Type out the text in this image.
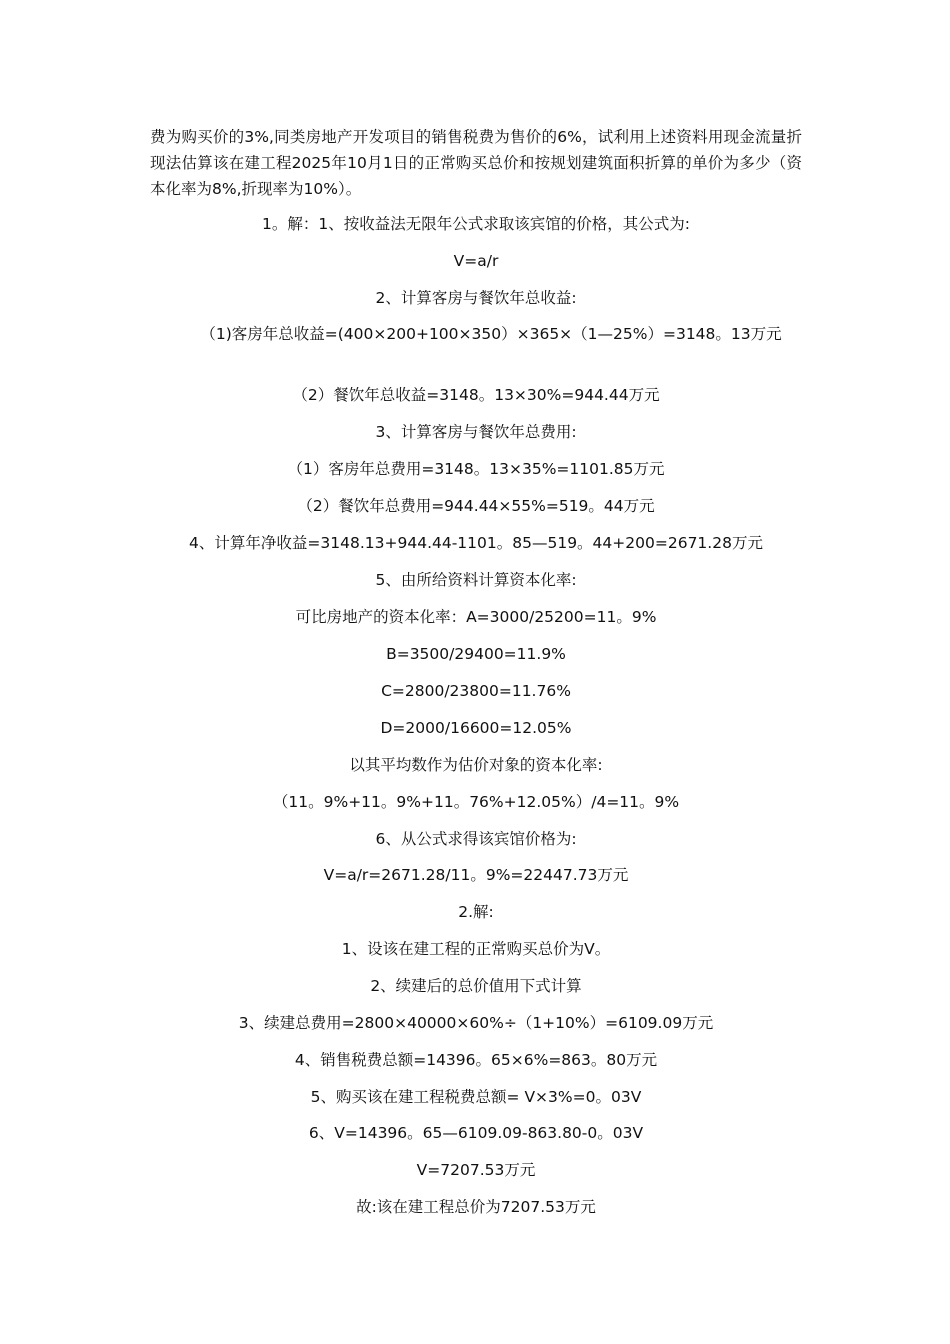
费为购买价的3%,同类房地产开发项目的销售税费为售价的6%，试利用上述资料用现金流量折现法估算该在建工程2025年10月1日的正常购买总价和按规划建筑面积折算的单价为多少（资本化率为8%,折现率为10%）。

1。解：1、按收益法无限年公式求取该宾馆的价格，其公式为:
V=a/r
2、计算客房与餐饮年总收益:
（1)客房年总收益=(400×200+100×350）×365×（1—25%）=3148。13万元
（2）餐饮年总收益=3148。13×30%=944.44万元
3、计算客房与餐饮年总费用:
（1）客房年总费用=3148。13×35%=1101.85万元
（2）餐饮年总费用=944.44×55%=519。44万元
4、计算年净收益=3148.13+944.44-1101。85—519。44+200=2671.28万元
5、由所给资料计算资本化率:
可比房地产的资本化率：A=3000/25200=11。9%
B=3500/29400=11.9%
C=2800/23800=11.76%
D=2000/16600=12.05%
以其平均数作为估价对象的资本化率:
（11。9%+11。9%+11。76%+12.05%）/4=11。9%
6、从公式求得该宾馆价格为:
V=a/r=2671.28/11。9%=22447.73万元
2.解:
1、设该在建工程的正常购买总价为V。
2、续建后的总价值用下式计算
3、续建总费用=2800×40000×60%÷（1+10%）=6109.09万元
4、销售税费总额=14396。65×6%=863。80万元
5、购买该在建工程税费总额= V×3%=0。03V
6、V=14396。65—6109.09-863.80-0。03V
V=7207.53万元
故:该在建工程总价为7207.53万元
